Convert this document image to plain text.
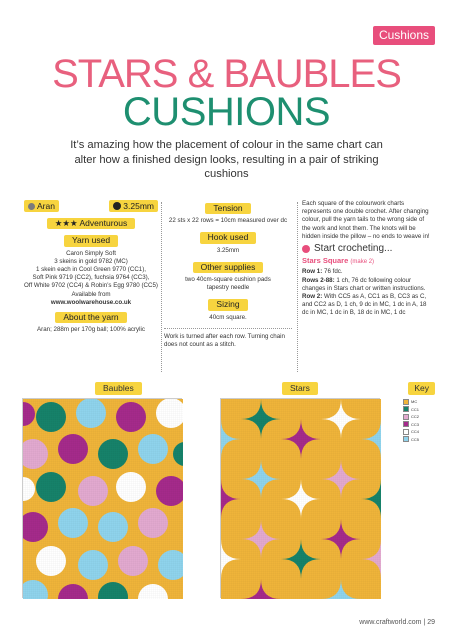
Cushions
STARS & BAUBLES
CUSHIONS
It’s amazing how the placement of colour in the same chart can alter how a finished design looks, resulting in a pair of striking cushions
Aran	3.25mm
★★★ Adventurous
Yarn used
Caron Simply Soft
3 skeins in gold 9782 (MC)
1 skein each in Cool Green 9770 (CC1),
Soft Pink 9719 (CC2), fuchsia 9764 (CC3),
Off White 9702 (CC4) & Robin’s Egg 9780 (CC5)
Available from
www.woolwarehouse.co.uk
About the yarn
Aran; 288m per 170g ball; 100% acrylic
Tension
22 sts x 22 rows = 10cm measured over dc
Hook used
3.25mm
Other supplies
two 40cm-square cushion pads tapestry needle
Sizing
40cm square.
Work is turned after each row. Turning chain does not count as a stitch.
Each square of the colourwork charts represents one double crochet. After changing colour, pull the yarn tails to the wrong side of the work and knot them. The knots will be hidden inside the pillow – no ends to weave in!
Start crocheting...
Stars Square (make 2)
Row 1: 76 fdc.
Rows 2-88: 1 ch, 76 dc following colour changes in Stars chart or written instructions.
Row 2: With CC5 as A, CC1 as B, CC3 as C, and CC2 as D, 1 ch, 9 dc in MC, 1 dc in A, 18 dc in MC, 1 dc in B, 18 dc in MC, 1 dc
Baubles	Stars	Key
MC
CC1
CC2
CC3
CC4
CC5
www.craftworld.com | 29
